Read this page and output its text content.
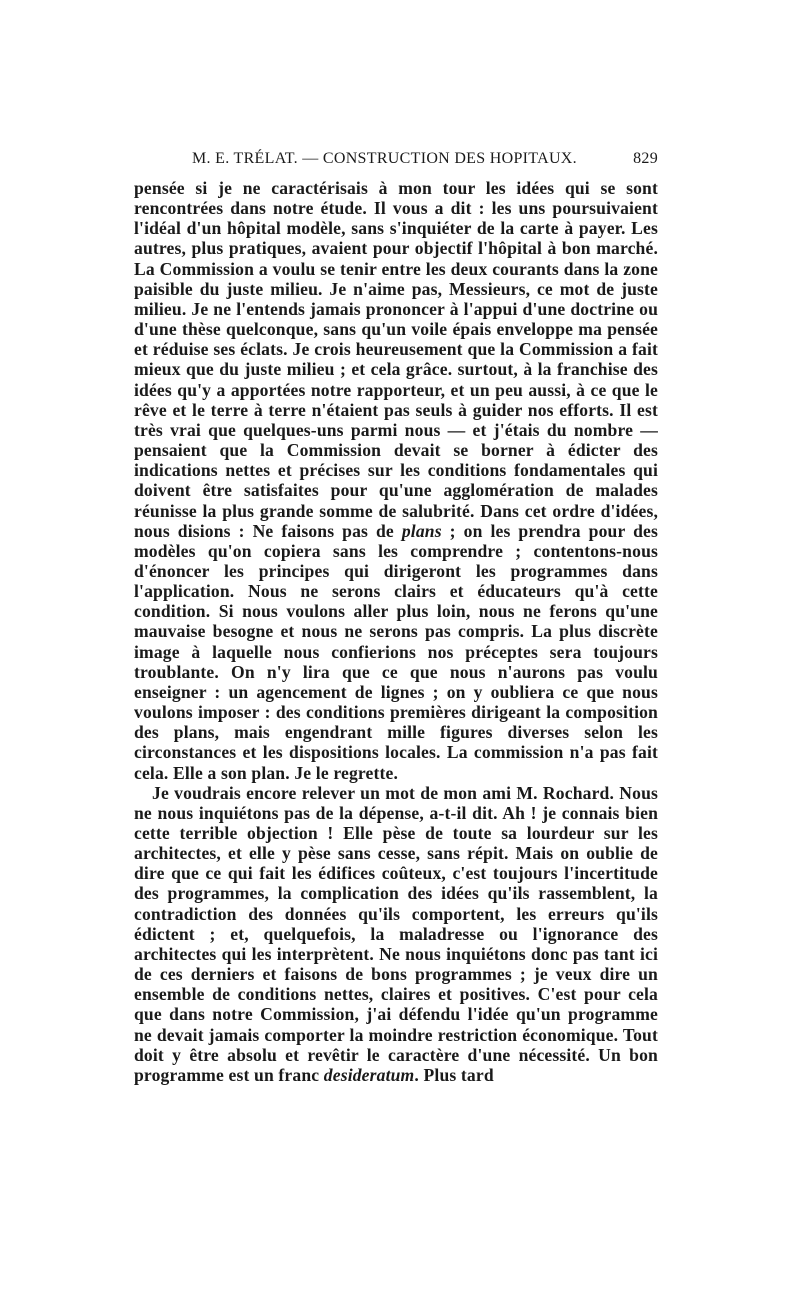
M. E. TRÉLAT. — CONSTRUCTION DES HOPITAUX.	829

pensée si je ne caractérisais à mon tour les idées qui se sont rencontrées dans notre étude. Il vous a dit : les uns poursuivaient l'idéal d'un hôpital modèle, sans s'inquiéter de la carte à payer. Les autres, plus pratiques, avaient pour objectif l'hôpital à bon marché. La Commission a voulu se tenir entre les deux courants dans la zone paisible du juste milieu. Je n'aime pas, Messieurs, ce mot de juste milieu. Je ne l'entends jamais prononcer à l'appui d'une doctrine ou d'une thèse quelconque, sans qu'un voile épais enveloppe ma pensée et réduise ses éclats. Je crois heureusement que la Commission a fait mieux que du juste milieu ; et cela grâce. surtout, à la franchise des idées qu'y a apportées notre rapporteur, et un peu aussi, à ce que le rêve et le terre à terre n'étaient pas seuls à guider nos efforts. Il est très vrai que quelques-uns parmi nous — et j'étais du nombre — pensaient que la Commission devait se borner à édicter des indications nettes et précises sur les conditions fondamentales qui doivent être satisfaites pour qu'une agglomération de malades réunisse la plus grande somme de salubrité. Dans cet ordre d'idées, nous disions : Ne faisons pas de plans ; on les prendra pour des modèles qu'on copiera sans les comprendre ; contentons-nous d'énoncer les principes qui dirigeront les programmes dans l'application. Nous ne serons clairs et éducateurs qu'à cette condition. Si nous voulons aller plus loin, nous ne ferons qu'une mauvaise besogne et nous ne serons pas compris. La plus discrète image à laquelle nous confierions nos préceptes sera toujours troublante. On n'y lira que ce que nous n'aurons pas voulu enseigner : un agencement de lignes ; on y oubliera ce que nous voulons imposer : des conditions premières dirigeant la composition des plans, mais engendrant mille figures diverses selon les circonstances et les dispositions locales. La commission n'a pas fait cela. Elle a son plan. Je le regrette.

Je voudrais encore relever un mot de mon ami M. Rochard. Nous ne nous inquiétons pas de la dépense, a-t-il dit. Ah ! je connais bien cette terrible objection ! Elle pèse de toute sa lourdeur sur les architectes, et elle y pèse sans cesse, sans répit. Mais on oublie de dire que ce qui fait les édifices coûteux, c'est toujours l'incertitude des programmes, la complication des idées qu'ils rassemblent, la contradiction des données qu'ils comportent, les erreurs qu'ils édictent ; et, quelquefois, la maladresse ou l'ignorance des architectes qui les interprètent. Ne nous inquiétons donc pas tant ici de ces derniers et faisons de bons programmes ; je veux dire un ensemble de conditions nettes, claires et positives. C'est pour cela que dans notre Commission, j'ai défendu l'idée qu'un programme ne devait jamais comporter la moindre restriction économique. Tout doit y être absolu et revêtir le caractère d'une nécessité. Un bon programme est un franc desideratum. Plus tard
